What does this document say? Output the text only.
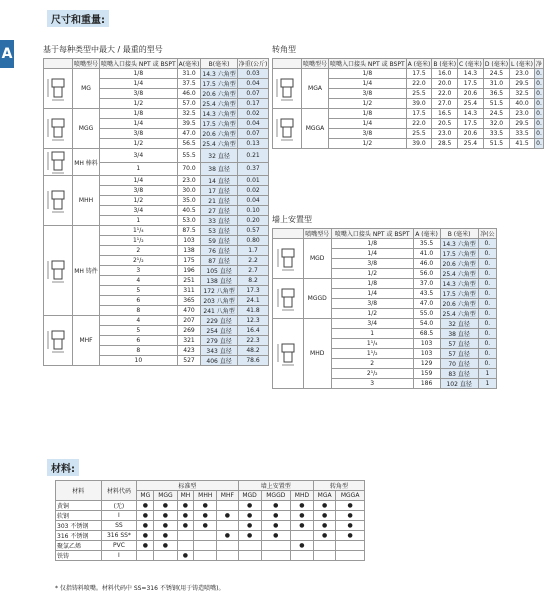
尺寸和重量:
A	基于每种类型中最大 / 最重的型号
	喷嘴型号	喷嘴入口接头 NPT 或 BSPT	A(毫米)	B(毫米)	净重(公斤)

	MG	1/8	31.0	14.3 六角型	0.03
		1/4	37.5	17.5 六角型	0.04
		3/8	46.0	20.6 六角型	0.07
		1/2	57.0	25.4 六角型	0.17

	MGG	1/8	32.5	14.3 六角型	0.02
		1/4	39.5	17.5 六角型	0.04
		3/8	47.0	20.6 六角型	0.07
		1/2	56.5	25.4 六角型	0.13

	MH 棒料	3/4	55.5	32 直径	0.21
		1	70.0	38 直径	0.37

	MHH	1/4	23.0	14 直径	0.01
		3/8	30.0	17 直径	0.02
		1/2	35.0	21 直径	0.04
		3/4	40.5	27 直径	0.10
		1	53.0	33 直径	0.20

	MH 铸件	1¹/₄	87.5	53 直径	0.57
		1¹/₂	103	59 直径	0.80
		2	138	76 直径	1.7
		2¹/₂	175	87 直径	2.2
		3	196	105 直径	2.7
		4	251	138 直径	8.2
		5	311	172 八角型	17.3
		6	365	203 八角型	24.1
		8	470	241 八角型	41.8

	MHF	4	207	229 直径	12.3
		5	269	254 直径	16.4
		6	321	279 直径	22.3
		8	423	343 直径	48.2
		10	527	406 直径	78.6
转角型
	喷嘴型号	喷嘴入口接头 NPT 或 BSPT	A (毫米)	B (毫米)	C (毫米)	D (毫米)	L (毫米)	净

	MGA	1/8	17.5	16.0	14.3	24.5	23.0	0.
		1/4	22.0	20.0	17.5	31.0	29.5	0.
		3/8	25.5	22.0	20.6	36.5	32.5	0.
		1/2	39.0	27.0	25.4	51.5	40.0	0.

	MGGA	1/8	17.5	16.5	14.3	24.5	23.0	0.
		1/4	22.0	20.5	17.5	32.0	29.5	0.
		3/8	25.5	23.0	20.6	33.5	33.5	0.
		1/2	39.0	28.5	25.4	51.5	41.5	0.
墙上安置型
	喷嘴型号	喷嘴入口接头 NPT 或 BSPT	A (毫米)	B (毫米)	净(公

	MGD	1/8	35.5	14.3 六角型	0.
		1/4	41.0	17.5 六角型	0.
		3/8	46.0	20.6 六角型	0.
		1/2	56.0	25.4 六角型	0.

	MGGD	1/8	37.0	14.3 六角型	0.
		1/4	43.5	17.5 六角型	0.
		3/8	47.0	20.6 六角型	0.
		1/2	55.0	25.4 六角型	0.

	MHD	3/4	54.0	32 直径	0.
		1	68.5	38 直径	0.
		1¹/₄	103	57 直径	0.
		1¹/₂	103	57 直径	0.
		2	129	70 直径	0.
		2¹/₂	159	83 直径	1
		3	186	102 直径	1
材料:
材料	材料代码	标准型					墙上安置型			转角型	
		MG	MGG	MH	MHH	MHF	MGD	MGGD	MHD	MGA	MGGA
黄铜	(无)	●	●	●	●		●	●	●	●	●
软钢	I	●	●	●	●	●	●	●	●	●	●
303 不锈钢	SS	●	●	●	●		●	●	●	●	●
316 不锈钢	316 SS*	●	●			●	●	●		●	●
聚氯乙烯	PVC	●	●						●		
铁铸	I			●							
* 仅指铸料喷嘴。材料代码中 SS=316 不锈钢(用于铸造喷嘴)。
